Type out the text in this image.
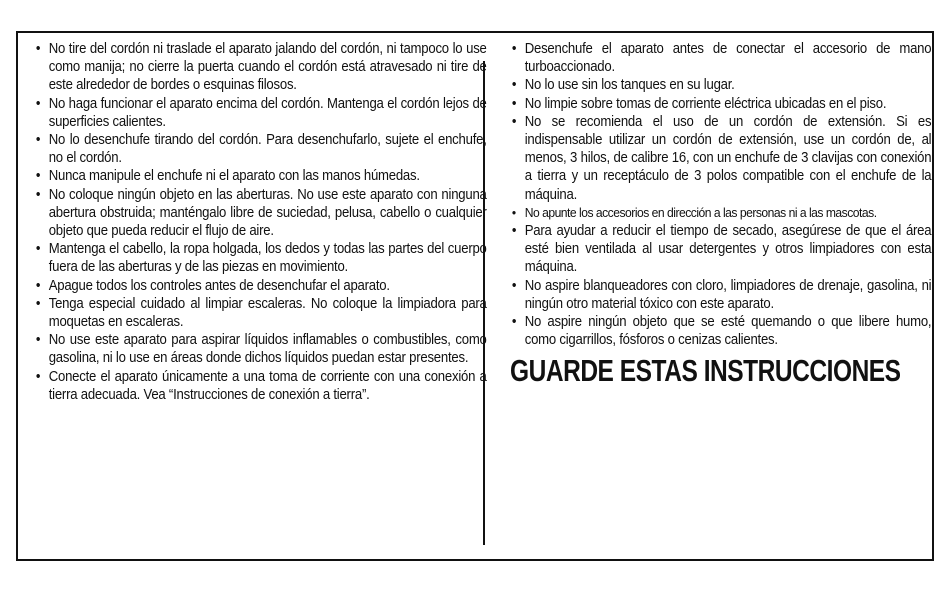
• No tire del cordón ni traslade el aparato jalando del cordón, ni tampoco lo use como manija; no cierre la puerta cuando el cordón está atravesado ni tire de este alrededor de bordes o esquinas filosos.
• No haga funcionar el aparato encima del cordón. Mantenga el cordón lejos de superficies calientes.
• No lo desenchufe tirando del cordón. Para desenchufarlo, sujete el enchufe, no el cordón.
• Nunca manipule el enchufe ni el aparato con las manos húmedas.
• No coloque ningún objeto en las aberturas. No use este aparato con ninguna abertura obstruida; manténgalo libre de suciedad, pelusa, cabello o cualquier objeto que pueda reducir el flujo de aire.
• Mantenga el cabello, la ropa holgada, los dedos y todas las partes del cuerpo fuera de las aberturas y de las piezas en movimiento.
• Apague todos los controles antes de desenchufar el aparato.
• Tenga especial cuidado al limpiar escaleras. No coloque la limpiadora para moquetas en escaleras.
• No use este aparato para aspirar líquidos inflamables o combustibles, como gasolina, ni lo use en áreas donde dichos líquidos puedan estar presentes.
• Conecte el aparato únicamente a una toma de corriente con una conexión a tierra adecuada. Vea “Instrucciones de conexión a tierra”.
• Desenchufe el aparato antes de conectar el accesorio de mano turboaccionado.
• No lo use sin los tanques en su lugar.
• No limpie sobre tomas de corriente eléctrica ubicadas en el piso.
• No se recomienda el uso de un cordón de extensión. Si es indispensable utilizar un cordón de extensión, use un cordón de, al menos, 3 hilos, de calibre 16, con un enchufe de 3 clavijas con conexión a tierra y un receptáculo de 3 polos compatible con el enchufe de la máquina.
• No apunte los accesorios en dirección a las personas ni a las mascotas.
• Para ayudar a reducir el tiempo de secado, asegúrese de que el área esté bien ventilada al usar detergentes y otros limpiadores con esta máquina.
• No aspire blanqueadores con cloro, limpiadores de drenaje, gasolina, ni ningún otro material tóxico con este aparato.
• No aspire ningún objeto que se esté quemando o que libere humo, como cigarrillos, fósforos o cenizas calientes.
GUARDE ESTAS INSTRUCCIONES
